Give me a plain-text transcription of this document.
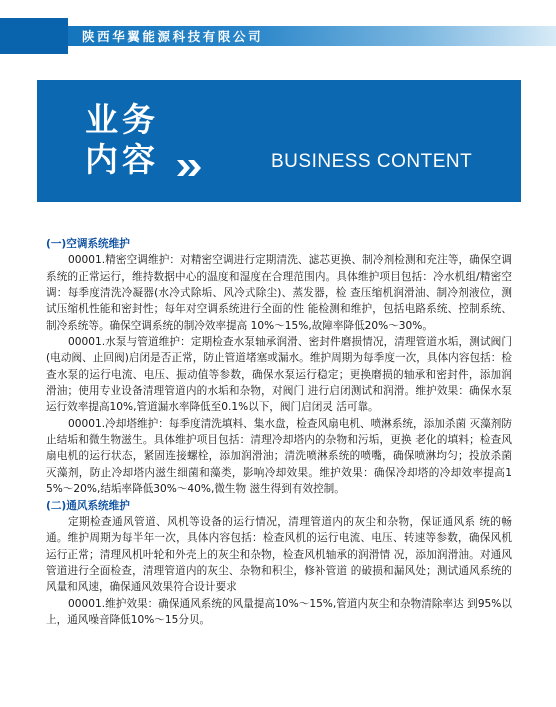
陕西华翼能源科技有限公司
业务
内容	BUSINESS CONTENT
(一)空调系统维护

00001.精密空调维护：对精密空调进行定期清洗、滤芯更换、制冷剂检测和充注等，确保空调系统的正常运行，维持数据中心的温度和湿度在合理范围内。具体维护项目包括：冷水机组/精密空调：每季度清洗冷凝器(水冷式除垢、风冷式除尘)、蒸发器，检 查压缩机润滑油、制冷剂液位，测试压缩机性能和密封性；每年对空调系统进行全面的性 能检测和维护，包括电路系统、控制系统、制冷系统等。确保空调系统的制冷效率提高 10%～15%,故障率降低20%～30%。

00001.水泵与管道维护：定期检查水泵轴承润滑、密封件磨损情况，清理管道水垢，测试阀门(电动阀、止回阀)启闭是否正常，防止管道堵塞或漏水。维护周期为每季度一次，具体内容包括：检查水泵的运行电流、电压、振动值等参数，确保水泵运行稳定；更换磨损的轴承和密封件，添加润滑油；使用专业设备清理管道内的水垢和杂物，对阀门 进行启闭测试和润滑。维护效果：确保水泵运行效率提高10%,管道漏水率降低至0.1%以下，阀门启闭灵 活可靠。

00001.冷却塔维护：每季度清洗填料、集水盘，检查风扇电机、喷淋系统，添加杀菌 灭藻剂防止结垢和微生物滋生。具体维护项目包括：清理冷却塔内的杂物和污垢，更换 老化的填料；检查风扇电机的运行状态，紧固连接螺栓，添加润滑油；清洗喷淋系统的喷嘴，确保喷淋均匀；投放杀菌灭藻剂，防止冷却塔内滋生细菌和藻类，影响冷却效果。维护效果：确保冷却塔的冷却效率提高15%～20%,结垢率降低30%～40%,微生物 滋生得到有效控制。

(二)通风系统维护

定期检查通风管道、风机等设备的运行情况，清理管道内的灰尘和杂物，保证通风系 统的畅通。维护周期为每半年一次，具体内容包括：检查风机的运行电流、电压、转速等参数，确保风机运行正常；清理风机叶轮和外壳上的灰尘和杂物，检查风机轴承的润滑情 况，添加润滑油。对通风管道进行全面检查，清理管道内的灰尘、杂物和积尘，修补管道 的破损和漏风处；测试通风系统的风量和风速，确保通风效果符合设计要求

00001.维护效果：确保通风系统的风量提高10%～15%,管道内灰尘和杂物清除率达 到95%以上，通风噪音降低10%～15分贝。
